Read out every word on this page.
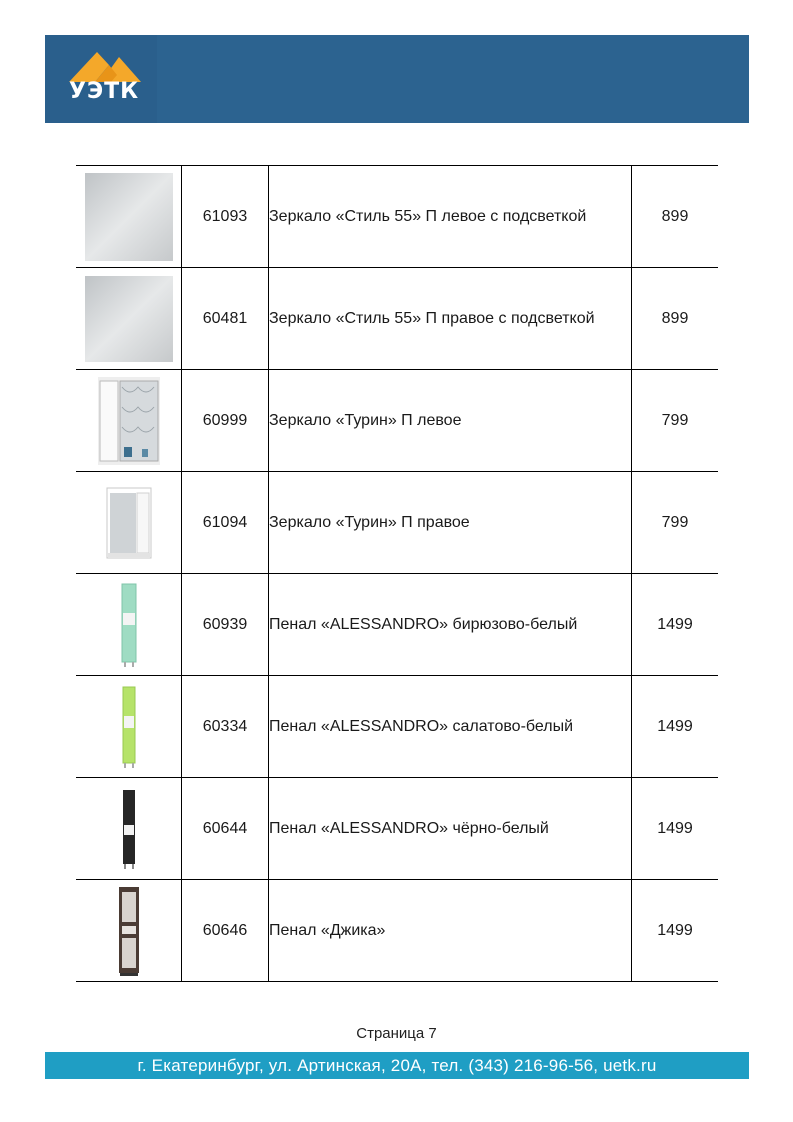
УЭТК
	61093	Зеркало «Стиль 55» П левое с подсветкой	899

	60481	Зеркало «Стиль 55» П правое с подсветкой	899

	60999	Зеркало «Турин» П левое	799

	61094	Зеркало «Турин» П правое	799

	60939	Пенал «ALESSANDRO» бирюзово-белый	1499

	60334	Пенал «ALESSANDRO» салатово-белый	1499

	60644	Пенал «ALESSANDRO» чёрно-белый	1499

	60646	Пенал «Джика»	1499
Страница 7
г. Екатеринбург, ул. Артинская, 20А, тел. (343) 216-96-56, uetk.ru
